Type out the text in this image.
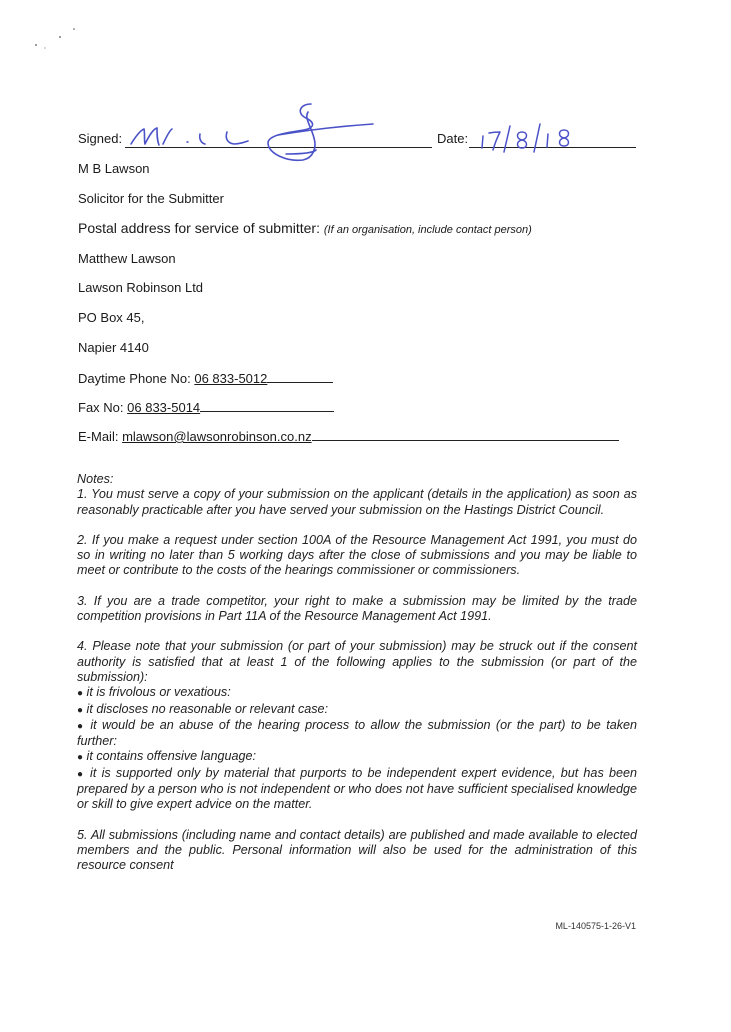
Signed:	Date:
M B Lawson
Solicitor for the Submitter
Postal address for service of submitter: (If an organisation, include contact person)
Matthew Lawson
Lawson Robinson Ltd
PO Box 45,
Napier 4140
Daytime Phone No: 06 833-5012
Fax No: 06 833-5014
E-Mail: mlawson@lawsonrobinson.co.nz

Notes:

1. You must serve a copy of your submission on the applicant (details in the application) as soon as reasonably practicable after you have served your submission on the Hastings District Council.

2. If you make a request under section 100A of the Resource Management Act 1991, you must do so in writing no later than 5 working days after the close of submissions and you may be liable to meet or contribute to the costs of the hearings commissioner or commissioners.

3. If you are a trade competitor, your right to make a submission may be limited by the trade competition provisions in Part 11A of the Resource Management Act 1991.

4. Please note that your submission (or part of your submission) may be struck out if the consent authority is satisfied that at least 1 of the following applies to the submission (or part of the submission):

● it is frivolous or vexatious:

● it discloses no reasonable or relevant case:

● it would be an abuse of the hearing process to allow the submission (or the part) to be taken further:

● it contains offensive language:

● it is supported only by material that purports to be independent expert evidence, but has been prepared by a person who is not independent or who does not have sufficient specialised knowledge or skill to give expert advice on the matter.

5. All submissions (including name and contact details) are published and made available to elected members and the public. Personal information will also be used for the administration of this resource consent

ML-140575-1-26-V1
